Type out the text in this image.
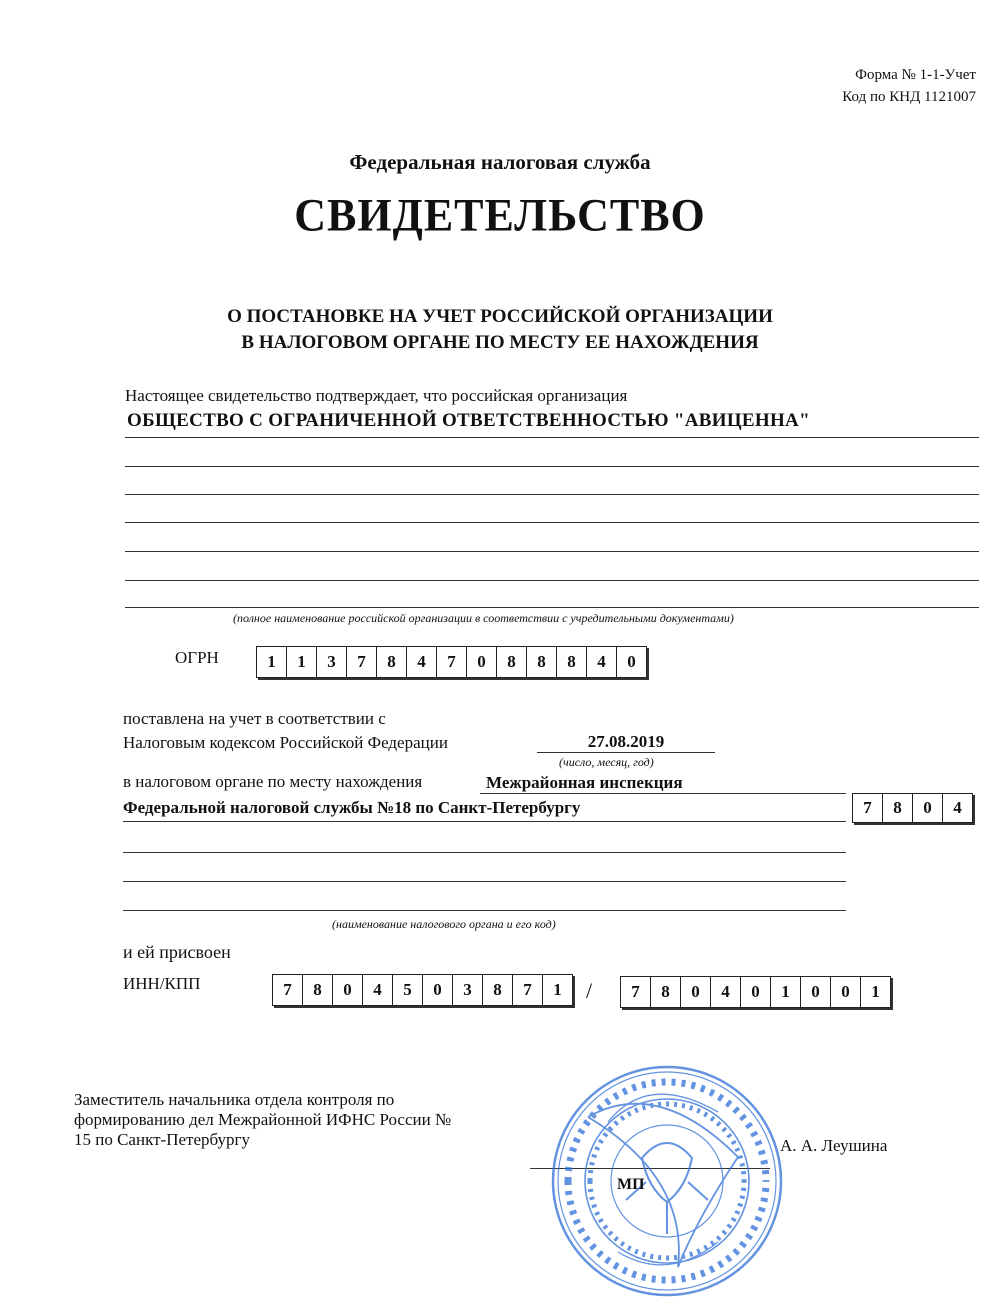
Форма № 1-1-Учет
Код по КНД 1121007
Федеральная налоговая служба
СВИДЕТЕЛЬСТВО
О ПОСТАНОВКЕ НА УЧЕТ РОССИЙСКОЙ ОРГАНИЗАЦИИ
В НАЛОГОВОМ ОРГАНЕ ПО МЕСТУ ЕЕ НАХОЖДЕНИЯ
Настоящее свидетельство подтверждает, что российская организация
ОБЩЕСТВО С ОГРАНИЧЕННОЙ ОТВЕТСТВЕННОСТЬЮ "АВИЦЕННА"
(полное наименование российской организации в соответствии с учредительными документами)
ОГРН	1	1	3	7	8	4	7	0	8	8	8	4	0
поставлена на учет в соответствии с
Налоговым кодексом Российской Федерации	27.08.2019
(число, месяц, год)
в налоговом органе по месту нахождения	Межрайонная инспекция
Федеральной налоговой службы №18 по Санкт-Петербургу	7	8	0	4
(наименование налогового органа и его код)
и ей присвоен
ИНН/КПП	7	8	0	4	5	0	3	8	7	1	/	7	8	0	4	0	1	0	0	1
Заместитель начальника отдела контроля по
формированию дел Межрайонной ИФНС России №
15 по Санкт-Петербургу	А. А. Леушина
МП
